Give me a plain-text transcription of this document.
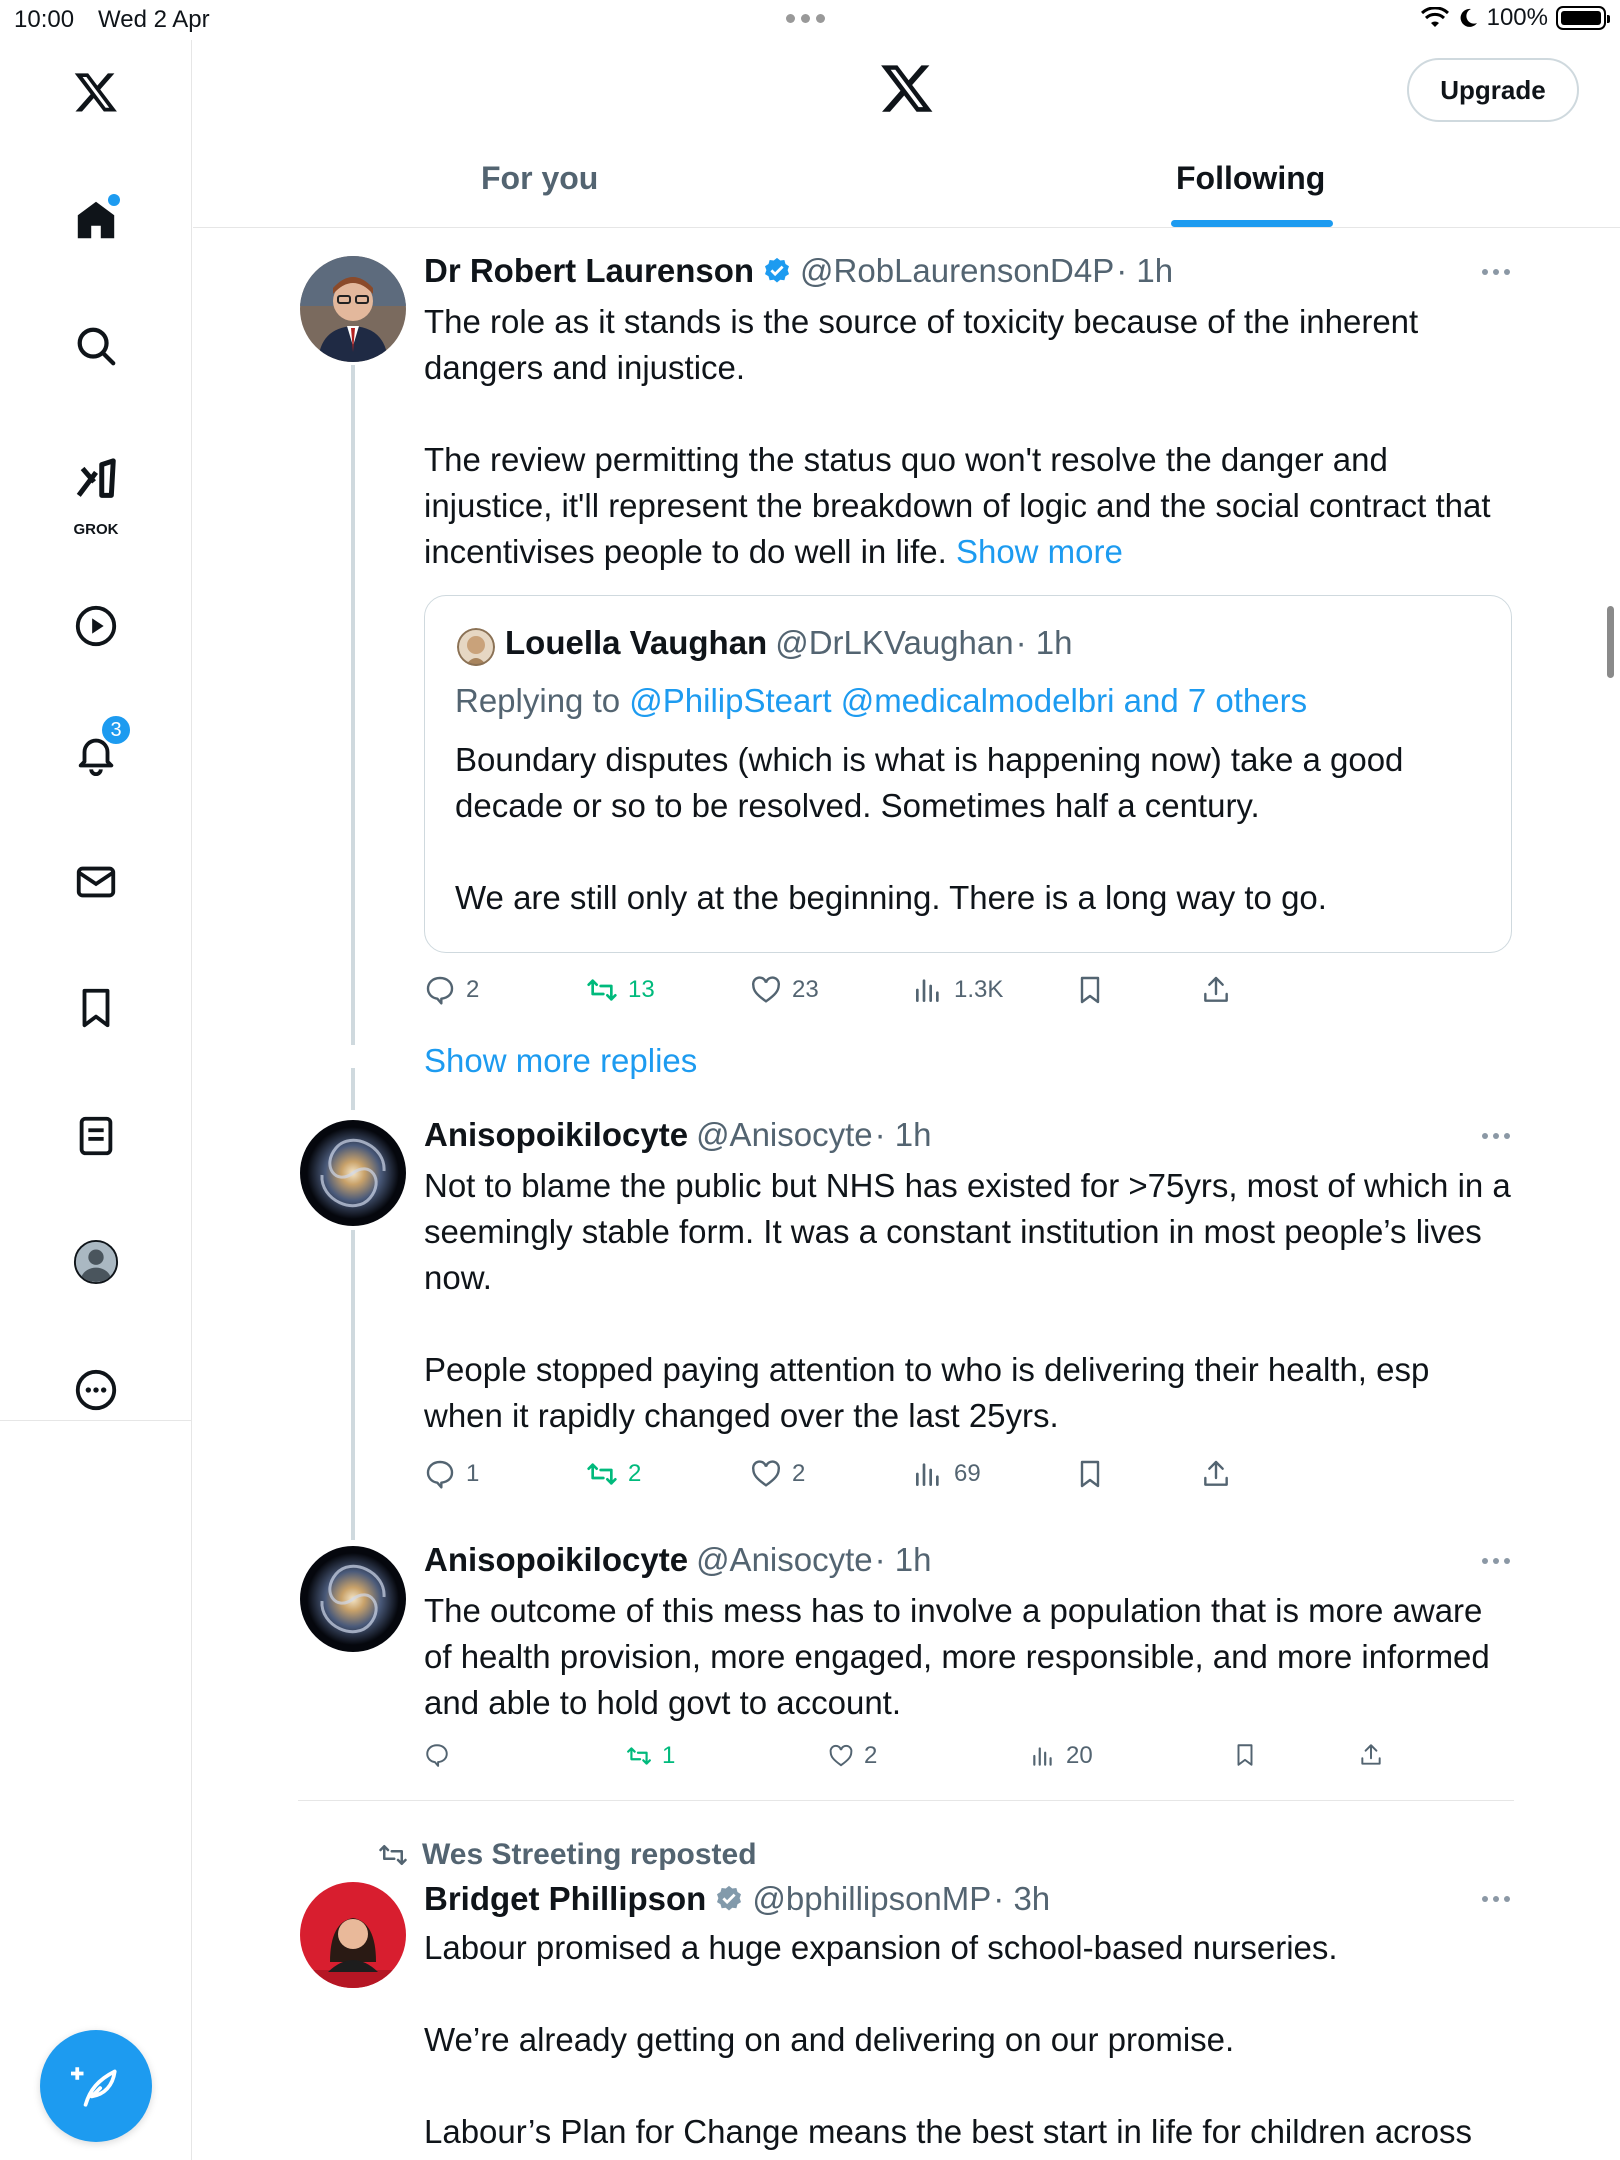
10:00 Wed 2 Apr	100%
GROK
3
Upgrade
For you	Following
Dr Robert Laurenson @RobLaurensonD4P · 1h

The role as it stands is the source of toxicity because of the inherent dangers and injustice.

The review permitting the status quo won't resolve the danger and injustice, it'll represent the breakdown of logic and the social contract that incentivises people to do well in life. Show more

Louella Vaughan @DrLKVaughan · 1h
Replying to @PhilipSteart @medicalmodelbri and 7 others

Boundary disputes (which is what is happening now) take a good decade or so to be resolved. Sometimes half a century.

We are still only at the beginning. There is a long way to go.

2	13	23	1.3K
Show more replies
Anisopoikilocyte @Anisocyte · 1h

Not to blame the public but NHS has existed for >75yrs, most of which in a seemingly stable form. It was a constant institution in most people’s lives now.

People stopped paying attention to who is delivering their health, esp when it rapidly changed over the last 25yrs.

1	2	2	69
Anisopoikilocyte @Anisocyte · 1h

The outcome of this mess has to involve a population that is more aware of health provision, more engaged, more responsible, and more informed and able to hold govt to account.

1	2	20
Wes Streeting reposted
Bridget Phillipson @bphillipsonMP · 3h

Labour promised a huge expansion of school-based nurseries.

We’re already getting on and delivering on our promise.

Labour’s Plan for Change means the best start in life for children across
